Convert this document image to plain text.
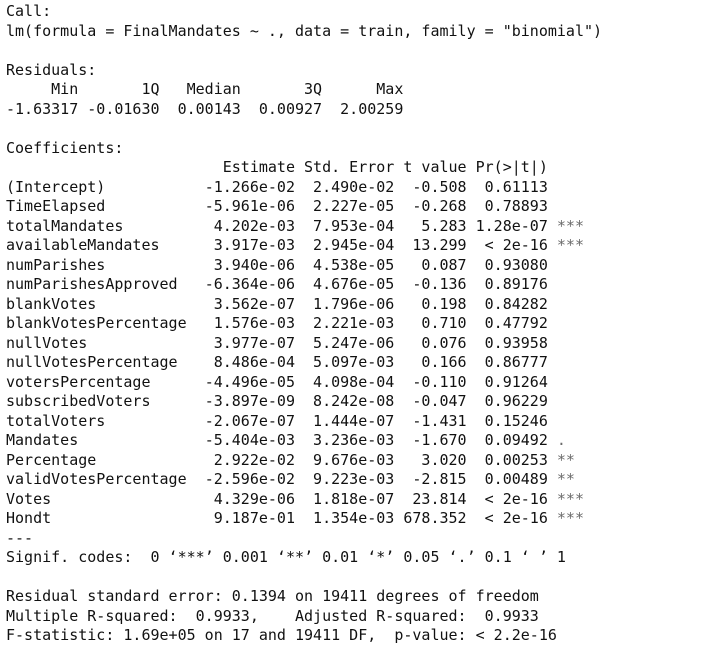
Call:
lm(formula = FinalMandates ~ ., data = train, family = "binomial")
Residuals:
Min       1Q   Median       3Q      Max
-1.63317 -0.01630  0.00143  0.00927  2.00259
Coefficients:
Estimate Std. Error t value Pr(>|t|)
(Intercept)           -1.266e-02  2.490e-02  -0.508  0.61113
TimeElapsed           -5.961e-06  2.227e-05  -0.268  0.78893
totalMandates          4.202e-03  7.953e-04   5.283 1.28e-07 ***
availableMandates      3.917e-03  2.945e-04  13.299  < 2e-16 ***
numParishes            3.940e-06  4.538e-05   0.087  0.93080
numParishesApproved   -6.364e-06  4.676e-05  -0.136  0.89176
blankVotes             3.562e-07  1.796e-06   0.198  0.84282
blankVotesPercentage   1.576e-03  2.221e-03   0.710  0.47792
nullVotes              3.977e-07  5.247e-06   0.076  0.93958
nullVotesPercentage    8.486e-04  5.097e-03   0.166  0.86777
votersPercentage      -4.496e-05  4.098e-04  -0.110  0.91264
subscribedVoters      -3.897e-09  8.242e-08  -0.047  0.96229
totalVoters           -2.067e-07  1.444e-07  -1.431  0.15246
Mandates              -5.404e-03  3.236e-03  -1.670  0.09492 .
Percentage             2.922e-02  9.676e-03   3.020  0.00253 **
validVotesPercentage  -2.596e-02  9.223e-03  -2.815  0.00489 **
Votes                  4.329e-06  1.818e-07  23.814  < 2e-16 ***
Hondt                  9.187e-01  1.354e-03 678.352  < 2e-16 ***
---
Signif. codes:  0 ‘***’ 0.001 ‘**’ 0.01 ‘*’ 0.05 ‘.’ 0.1 ‘ ’ 1
Residual standard error: 0.1394 on 19411 degrees of freedom
Multiple R-squared:  0.9933,	Adjusted R-squared:  0.9933
F-statistic: 1.69e+05 on 17 and 19411 DF,  p-value: < 2.2e-16
